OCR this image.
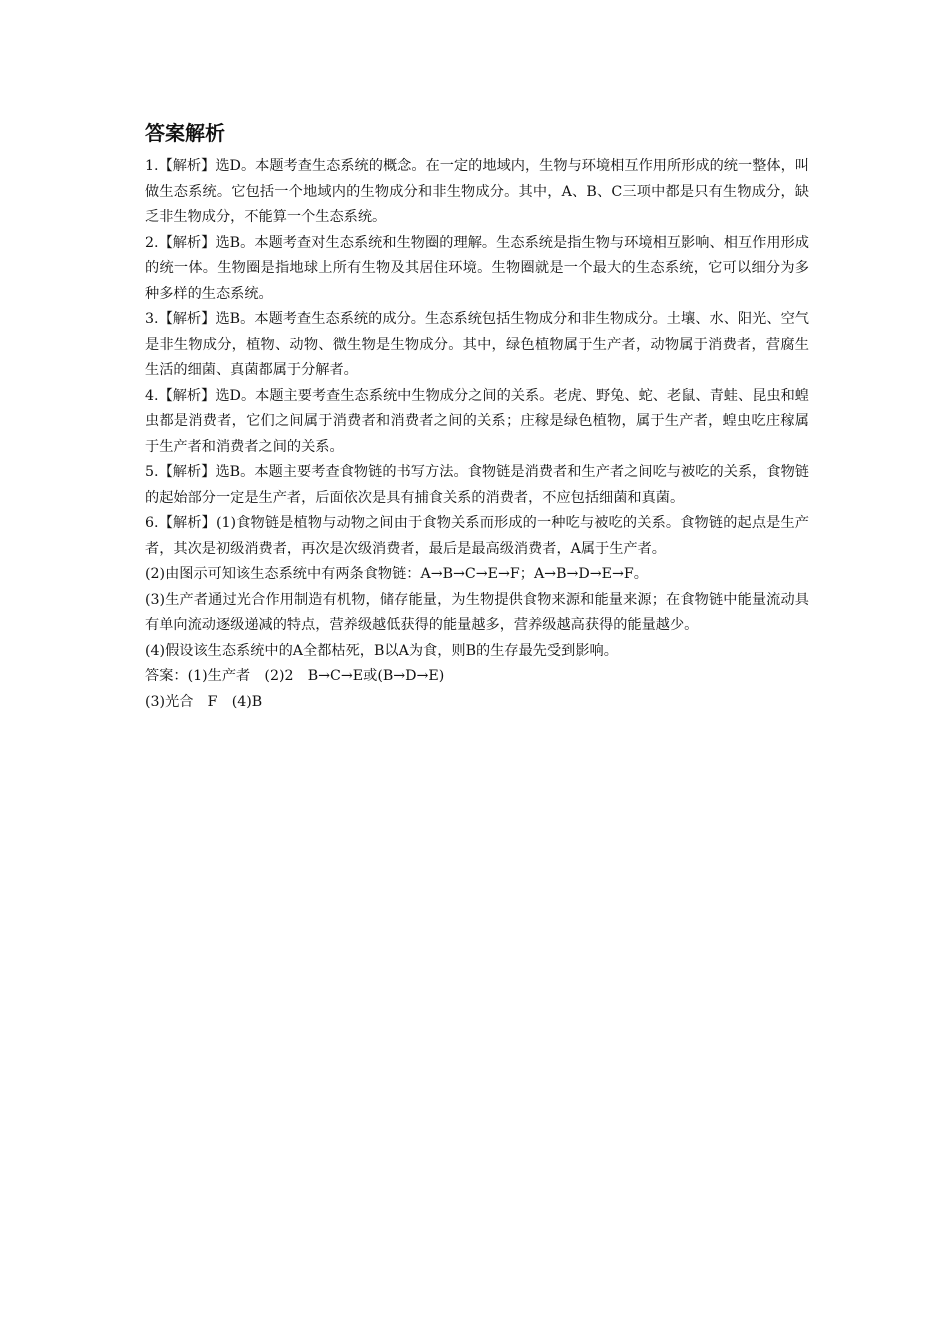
答案解析

1.【解析】选D。本题考查生态系统的概念。在一定的地域内，生物与环境相互作用所形成的统一整体，叫做生态系统。它包括一个地域内的生物成分和非生物成分。其中，A、B、C三项中都是只有生物成分，缺乏非生物成分，不能算一个生态系统。

2.【解析】选B。本题考查对生态系统和生物圈的理解。生态系统是指生物与环境相互影响、相互作用形成的统一体。生物圈是指地球上所有生物及其居住环境。生物圈就是一个最大的生态系统，它可以细分为多种多样的生态系统。

3.【解析】选B。本题考查生态系统的成分。生态系统包括生物成分和非生物成分。土壤、水、阳光、空气是非生物成分，植物、动物、微生物是生物成分。其中，绿色植物属于生产者，动物属于消费者，营腐生生活的细菌、真菌都属于分解者。

4.【解析】选D。本题主要考查生态系统中生物成分之间的关系。老虎、野兔、蛇、老鼠、青蛙、昆虫和蝗虫都是消费者，它们之间属于消费者和消费者之间的关系；庄稼是绿色植物，属于生产者，蝗虫吃庄稼属于生产者和消费者之间的关系。

5.【解析】选B。本题主要考查食物链的书写方法。食物链是消费者和生产者之间吃与被吃的关系，食物链的起始部分一定是生产者，后面依次是具有捕食关系的消费者，不应包括细菌和真菌。

6.【解析】(1)食物链是植物与动物之间由于食物关系而形成的一种吃与被吃的关系。食物链的起点是生产者，其次是初级消费者，再次是次级消费者，最后是最高级消费者，A属于生产者。

(2)由图示可知该生态系统中有两条食物链：A→B→C→E→F；A→B→D→E→F。

(3)生产者通过光合作用制造有机物，储存能量，为生物提供食物来源和能量来源；在食物链中能量流动具有单向流动逐级递减的特点，营养级越低获得的能量越多，营养级越高获得的能量越少。

(4)假设该生态系统中的A全都枯死，B以A为食，则B的生存最先受到影响。

答案：(1)生产者　(2)2　B→C→E或(B→D→E)

(3)光合　F　(4)B
